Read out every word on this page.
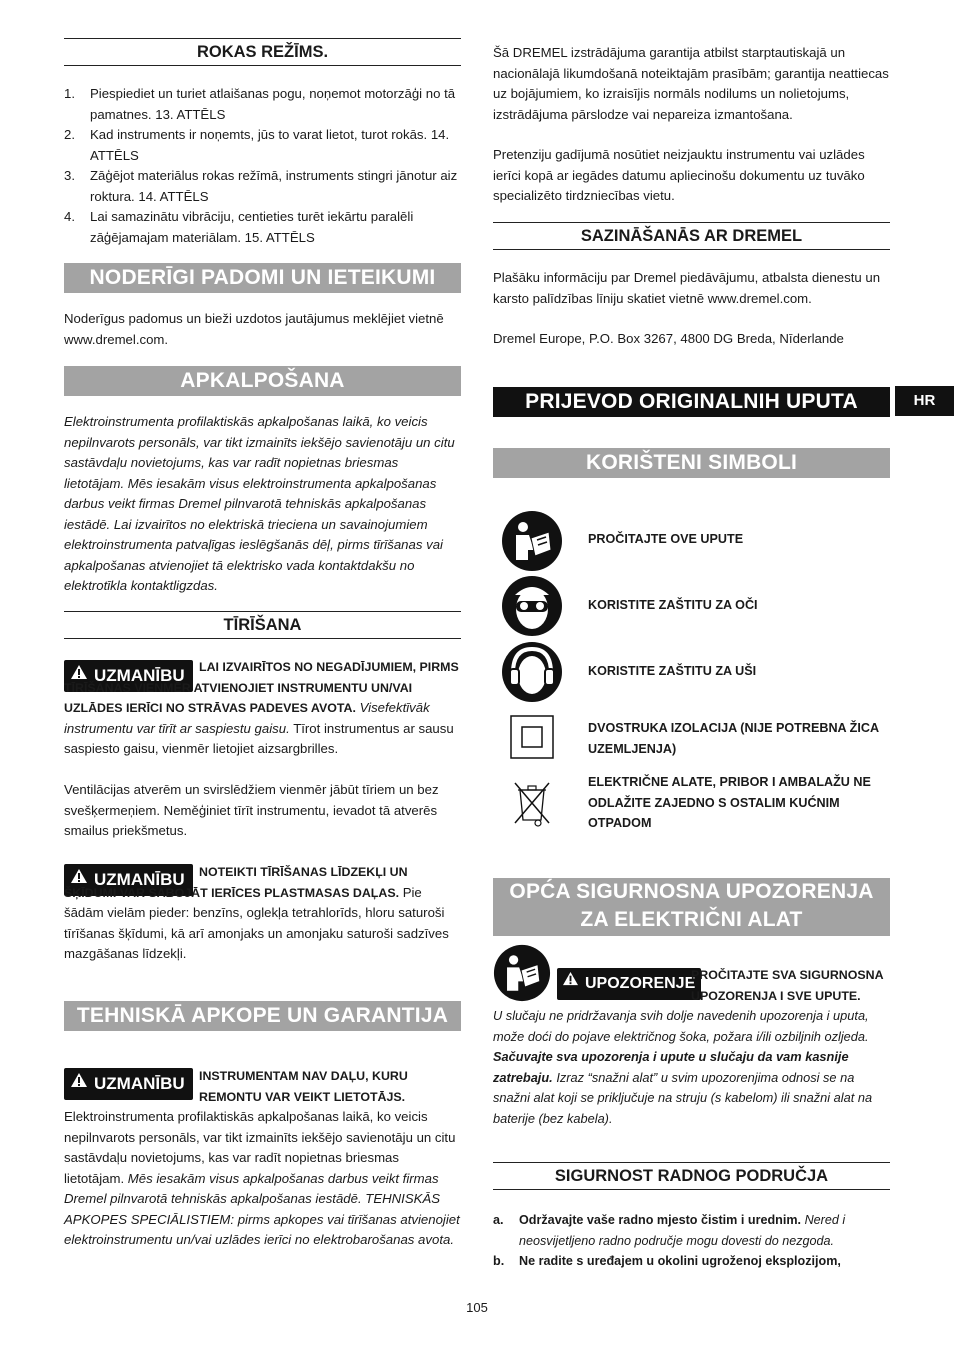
ROKAS REŽĪMS.
1. Piespiediet un turiet atlaišanas pogu, noņemot motorzāģi no tā pamatnes. 13. ATTĒLS
2. Kad instruments ir noņemts, jūs to varat lietot, turot rokās. 14. ATTĒLS
3. Zāģējot materiālus rokas režīmā, instruments stingri jānotur aiz roktura. 14. ATTĒLS
4. Lai samazinātu vibrāciju, centieties turēt iekārtu paralēli zāģējamajam materiālam. 15. ATTĒLS
NODERĪGI PADOMI UN IETEIKUMI

Noderīgus padomus un bieži uzdotos jautājumus meklējiet vietnē www.dremel.com.

APKALPOŠANA

Elektroinstrumenta profilaktiskās apkalpošanas laikā, ko veicis nepilnvarots personāls, var tikt izmainīts iekšējo savienotāju un citu sastāvdaļu novietojums, kas var radīt nopietnas briesmas lietotājam. Mēs iesakām visus elektroinstrumenta apkalpošanas darbus veikt firmas Dremel pilnvarotā tehniskās apkalpošanas iestādē. Lai izvairītos no elektriskā trieciena un savainojumiem elektroinstrumenta patvaļīgas ieslēgšanās dēļ, pirms tīrīšanas vai apkalpošanas atvienojiet tā elektrisko vada kontaktdakšu no elektrotīkla kontaktligzdas.

TĪRĪŠANA
UZMANĪBU	LAI IZVAIRĪTOS NO NEGADĪJUMIEM, PIRMS TĪRĪŠANAS VIENMĒR ATVIENOJIET INSTRUMENTU UN/VAI UZLĀDES IERĪCI NO STRĀVAS PADEVES AVOTA. Visefektīvāk instrumentu var tīrīt ar saspiestu gaisu. Tīrot instrumentus ar sausu saspiesto gaisu, vienmēr lietojiet aizsargbrilles.

Ventilācijas atverēm un svirslēdžiem vienmēr jābūt tīriem un bez svešķermeņiem. Neměģiniet tīrīt instrumentu, ievadot tā atverēs smailus priekšmetus.

UZMANĪBU	NOTEIKTI TĪRĪŠANAS LĪDZEKĻI UN ŠĶĪDUMI VAR SABOJĀT IERĪCES PLASTMASAS DAĻAS. Pie šādām vielām pieder: benzīns, oglekļa tetrahlorīds, hloru saturoši tīrīšanas šķīdumi, kā arī amonjaks un amonjaku saturoši sadzīves mazgāšanas līdzekļi.

TEHNISKĀ APKOPE UN GARANTIJA
UZMANĪBU	INSTRUMENTAM NAV DAĻU, KURU REMONTU VAR VEIKT LIETOTĀJS.

Elektroinstrumenta profilaktiskās apkalpošanas laikā, ko veicis nepilnvarots personāls, var tikt izmainīts iekšējo savienotāju un citu sastāvdaļu novietojums, kas var radīt nopietnas briesmas lietotājam. Mēs iesakām visus apkalpošanas darbus veikt firmas Dremel pilnvarotā tehniskās apkalpošanas iestādē. TEHNISKĀS APKOPES SPECIĀLISTIEM: pirms apkopes vai tīrīšanas atvienojiet elektroinstrumentu un/vai uzlādes ierīci no elektrobarošanas avota.

Šā DREMEL izstrādājuma garantija atbilst starptautiskajā un nacionālajā likumdošanā noteiktajām prasībām; garantija neattiecas uz bojājumiem, ko izraisījis normāls nodilums un nolietojums, izstrādājuma pārslodze vai nepareiza izmantošana.

Pretenziju gadījumā nosūtiet neizjauktu instrumentu vai uzlādes ierīci kopā ar iegādes datumu apliecinošu dokumentu uz tuvāko specializēto tirdzniecības vietu.

SAZINĀŠANĀS AR DREMEL

Plašāku informāciju par Dremel piedāvājumu, atbalsta dienestu un karsto palīdzības līniju skatiet vietnē www.dremel.com.

Dremel Europe, P.O. Box 3267, 4800 DG Breda, Nīderlande

PRIJEVOD ORIGINALNIH UPUTA	HR
KORIŠTENI SIMBOLI
PROČITAJTE OVE UPUTE
KORISTITE ZAŠTITU ZA OČI
KORISTITE ZAŠTITU ZA UŠI
DVOSTRUKA IZOLACIJA (NIJE POTREBNA ŽICA UZEMLJENJA)
ELEKTRIČNE ALATE, PRIBOR I AMBALAŽU NE ODLAŽITE ZAJEDNO S OSTALIM KUĆNIM OTPADOM
OPĆA SIGURNOSNA UPOZORENJA ZA ELEKTRIČNI ALAT
UPOZORENJE

PROČITAJTE SVA SIGURNOSNA UPOZORENJA I SVE UPUTE.

U slučaju ne pridržavanja svih dolje navedenih upozorenja i uputa, može doći do pojave električnog šoka, požara i/ili ozbiljnih ozljeda. Sačuvajte sva upozorenja i upute u slučaju da vam kasnije zatrebaju. Izraz “snažni alat” u svim upozorenjima odnosi se na snažni alat koji se priključuje na struju (s kabelom) ili snažni alat na baterije (bez kabela).

SIGURNOST RADNOG PODRUČJA
a. Održavajte vaše radno mjesto čistim i urednim. Nered i neosvijetljeno radno područje mogu dovesti do nezgoda.
b. Ne radite s uređajem u okolini ugroženoj eksplozijom,
105
